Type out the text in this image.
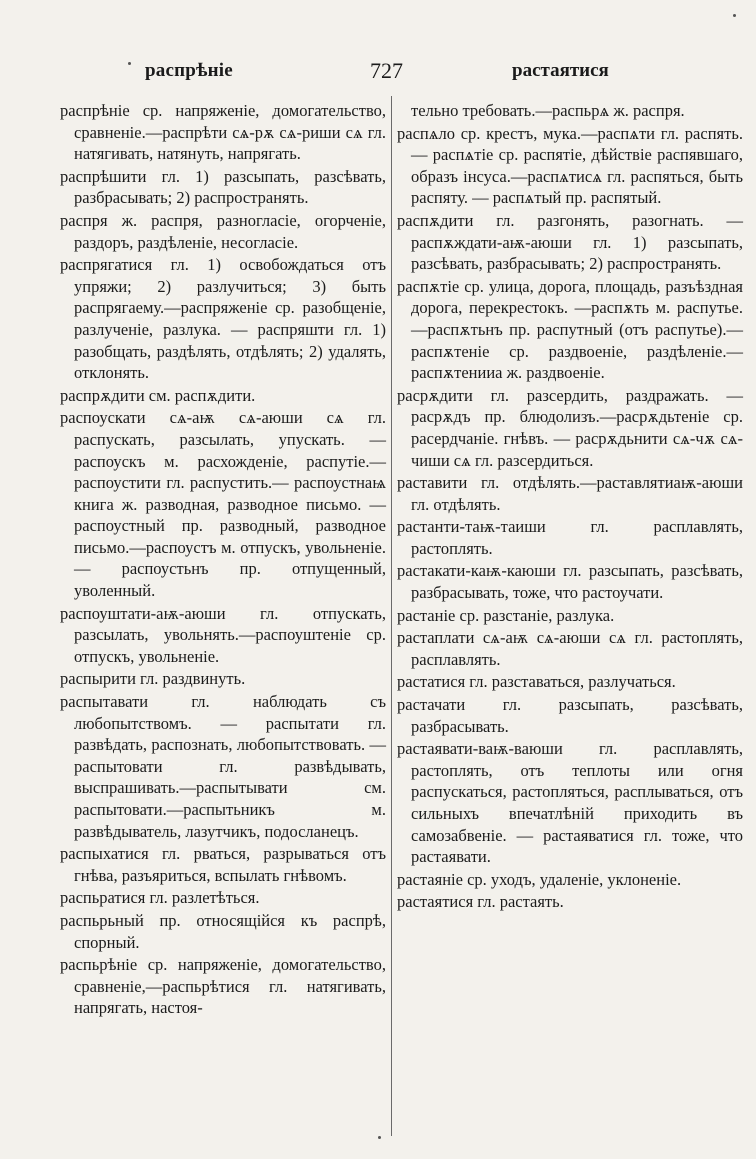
распрѣніе	727	растаятися

распрѣніе ср. напряженіе, домогательство, сравненіе.—распрѣти сѧ-рѫ сѧ-риши сѧ гл. натягивать, натянуть, напрягать.

распрѣшити гл. 1) разсыпать, разсѣвать, разбрасывать; 2) распространять.

распря ж. распря, разногласіе, огорченіе, раздоръ, раздѣленіе, несогласіе.

распрягатися гл. 1) освобождаться отъ упряжи; 2) разлучиться; 3) быть распрягаему.—распряженіе ср. разобщеніе, разлученіе, разлука. — распряшти гл. 1) разобщать, раздѣлять, отдѣлять; 2) удалять, отклонять.

распрѫдити см. распѫдити.

распоускати сѧ-аѭ сѧ-аюши сѧ гл. распускать, разсылать, упускать. —распоускъ м. расхожденіе, распутіе.—распоустити гл. распустить.— распоустнаѩ книга ж. разводная, разводное письмо. — распоустный пр. разводный, разводное письмо.—распоустъ м. отпускъ, увольненіе. — распоустьнъ пр. отпущенный, уволенный.

распоуштати-аѭ-аюши гл. отпускать, разсылать, увольнять.—распоуштеніе ср. отпускъ, увольненіе.

распырити гл. раздвинуть.

распытавати гл. наблюдать съ любопытствомъ. — распытати гл. развѣдать, распознать, любопытствовать. —распытовати гл. развѣдывать, выспрашивать.—распытывати см. распытовати.—распытьникъ м. развѣдыватель, лазутчикъ, подосланецъ.

распыхатися гл. рваться, разрываться отъ гнѣва, разъяриться, вспылать гнѣвомъ.

распьратися гл. разлетѣться.

распьрьный пр. относящійся къ распрѣ, спорный.

распьрѣніе ср. напряженіе, домогательство, сравненіе,—распьрѣтися гл. натягивать, напрягать, настоя-

тельно требовать.—распьрѧ ж. распря.

распѧло ср. крестъ, мука.—распѧти гл. распять. — распѧтіе ср. распятіе, дѣйствіе распявшаго, образъ інсуса.—распѧтисѧ гл. распяться, быть распяту. — распѧтый пр. распятый.

распѫдити гл. разгонять, разогнать. —распѫждати-аѭ-аюши гл. 1) разсыпать, разсѣвать, разбрасывать; 2) распространять.

распѫтіе ср. улица, дорога, площадь, разъѣздная дорога, перекрестокъ. —распѫть м. распутье.—распѫтьнъ пр. распутный (отъ распутье).—распѫтеніе ср. раздвоеніе, раздѣленіе.—распѫтенииа ж. раздвоеніе.

расрѫдити гл. разсердить, раздражать. —расрѫдъ пр. блюдолизъ.—расрѫдьтеніе ср. расердчаніе. гнѣвъ. — расрѫдьнити сѧ-чѫ сѧ-чиши сѧ гл. разсердиться.

раставити гл. отдѣлять.—раставлятиаѭ-аюши гл. отдѣлять.

растанти-таѭ-таиши гл. расплавлять, растоплять.

растакати-каѭ-каюши гл. разсыпать, разсѣвать, разбрасывать, тоже, что растоучати.

растаніе ср. разстаніе, разлука.

растаплати сѧ-аѭ сѧ-аюши сѧ гл. растоплять, расплавлять.

растатися гл. разставаться, разлучаться.

растачати гл. разсыпать, разсѣвать, разбрасывать.

растаявати-ваѭ-ваюши гл. расплавлять, растоплять, отъ теплоты или огня распускаться, растопляться, расплываться, отъ сильныхъ впечатлѣній приходить въ самозабвеніе. — растаяватися гл. тоже, что растаявати.

растаяніе ср. уходъ, удаленіе, уклоненіе.

растаятися гл. растаять.
